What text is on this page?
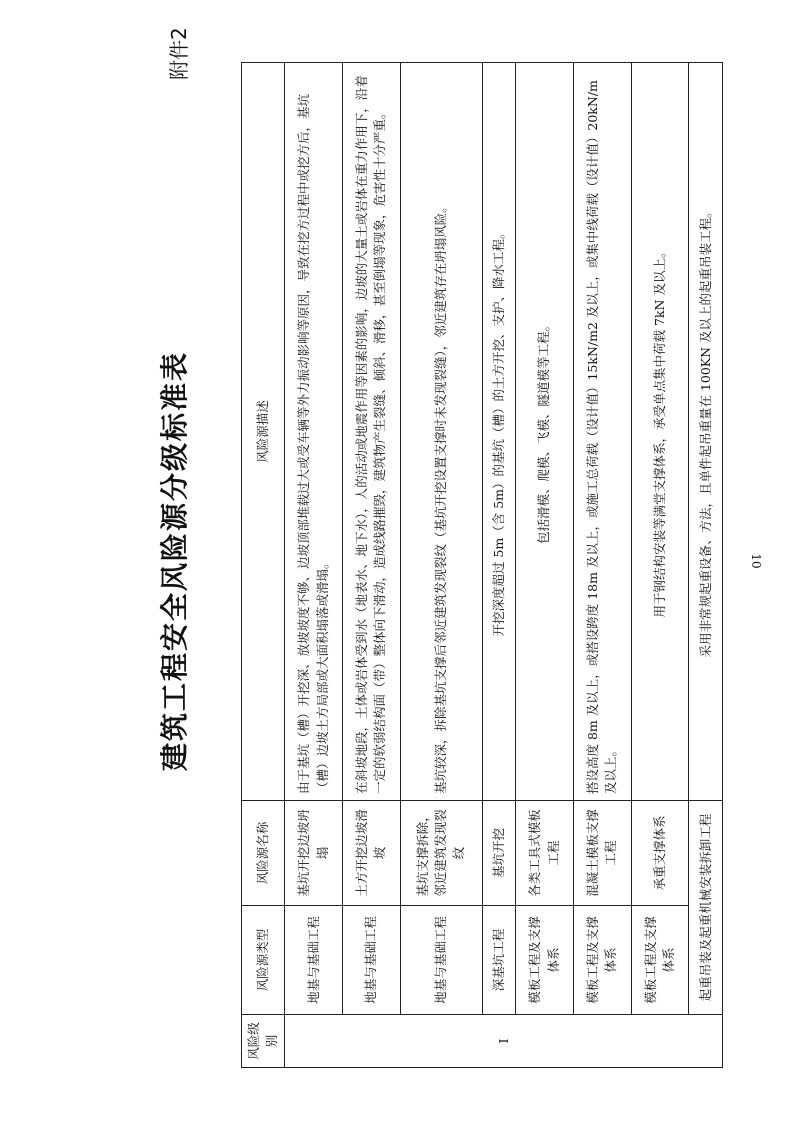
10
建筑工程安全风险源分级标准表
附件2
风险级别	风险源类型	风险源名称	风险源描述
I	地基与基础工程	基坑开挖边坡坍塌	由于基坑（槽）开挖深、放坡坡度不够、边坡顶部堆载过大或受车辆等外力振动影响等原因，导致在挖方过程中或挖方后，基坑（槽）边坡土方局部或大面积塌落或滑塌。
	地基与基础工程	土方开挖边坡滑坡	在斜坡地段，土体或岩体受到水（地表水、地下水），人的活动或地震作用等因素的影响，边坡的大量土或岩体在重力作用下，沿着一定的软弱结构面（带）整体向下滑动，造成线路摧毁，建筑物产生裂缝、倾斜、滑移，甚至倒塌等现象，危害性十分严重。
	地基与基础工程	基坑支撑拆除，邻近建筑发现裂纹	基坑较深，拆除基坑支撑后邻近建筑发现裂纹（基坑开挖设置支撑时未发现裂缝），邻近建筑存在坍塌风险。
	深基坑工程	基坑开挖	开挖深度超过 5m（含 5m）的基坑（槽）的土方开挖、支护、降水工程。
	模板工程及支撑体系	各类工具式模板工程	包括滑模、爬模、飞模、隧道模等工程。
	模板工程及支撑体系	混凝土模板支撑工程	搭设高度 8m 及以上，或搭设跨度 18m 及以上，或施工总荷载（设计值）15kN/m2 及以上，或集中线荷载（设计值）20kN/m 及以上。
	模板工程及支撑体系	承重支撑体系	用于钢结构安装等满堂支撑体系，承受单点集中荷载 7kN 及以上。
	起重吊装及起重机械安装拆卸工程		采用非常规起重设备、方法，且单件起吊重量在 100KN 及以上的起重吊装工程。
